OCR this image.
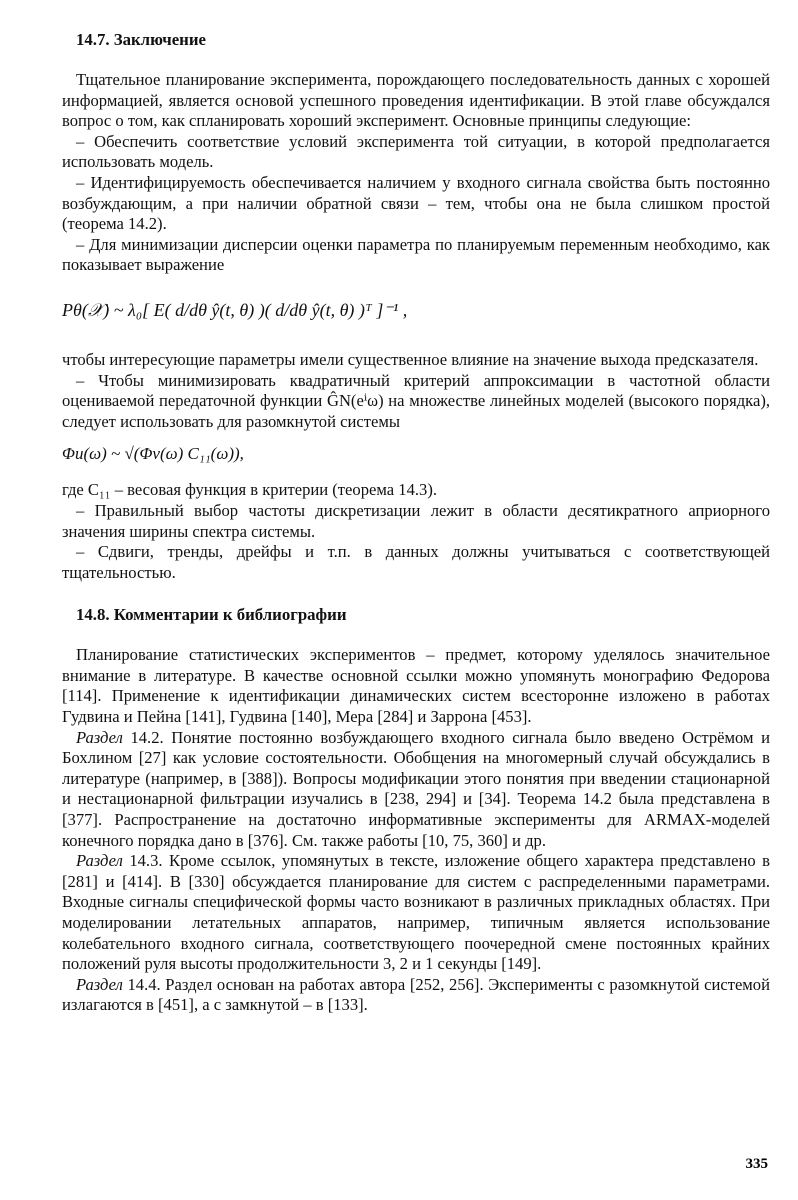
14.7. Заключение

Тщательное планирование эксперимента, порождающего последовательность данных с хорошей информацией, является основой успешного проведения идентификации. В этой главе обсуждался вопрос о том, как спланировать хороший эксперимент. Основные принципы следующие:

– Обеспечить соответствие условий эксперимента той ситуации, в которой предполагается использовать модель.

– Идентифицируемость обеспечивается наличием у входного сигнала свойства быть постоянно возбуждающим, а при наличии обратной связи – тем, чтобы она не была слишком простой (теорема 14.2).

– Для минимизации дисперсии оценки параметра по планируемым переменным необходимо, как показывает выражение

Pθ(𝒳) ~ λ₀[ E( d/dθ ŷ(t, θ) )( d/dθ ŷ(t, θ) )ᵀ ]⁻¹ ,

чтобы интересующие параметры имели существенное влияние на значение выхода предсказателя.

– Чтобы минимизировать квадратичный критерий аппроксимации в частотной области оцениваемой передаточной функции ĜN(eⁱω) на множестве линейных моделей (высокого порядка), следует использовать для разомкнутой системы

Φu(ω) ~ √(Φv(ω) C₁₁(ω)),

где C₁₁ – весовая функция в критерии (теорема 14.3).

– Правильный выбор частоты дискретизации лежит в области десятикратного априорного значения ширины спектра системы.

– Сдвиги, тренды, дрейфы и т.п. в данных должны учитываться с соответствующей тщательностью.

14.8. Комментарии к библиографии

Планирование статистических экспериментов – предмет, которому уделялось значительное внимание в литературе. В качестве основной ссылки можно упомянуть монографию Федорова [114]. Применение к идентификации динамических систем всесторонне изложено в работах Гудвина и Пейна [141], Гудвина [140], Мера [284] и Заррона [453].

Раздел 14.2. Понятие постоянно возбуждающего входного сигнала было введено Острёмом и Бохлином [27] как условие состоятельности. Обобщения на многомерный случай обсуждались в литературе (например, в [388]). Вопросы модификации этого понятия при введении стационарной и нестационарной фильтрации изучались в [238, 294] и [34]. Теорема 14.2 была представлена в [377]. Распространение на достаточно информативные эксперименты для ARMAX-моделей конечного порядка дано в [376]. См. также работы [10, 75, 360] и др.

Раздел 14.3. Кроме ссылок, упомянутых в тексте, изложение общего характера представлено в [281] и [414]. В [330] обсуждается планирование для систем с распределенными параметрами. Входные сигналы специфической формы часто возникают в различных прикладных областях. При моделировании летательных аппаратов, например, типичным является использование колебательного входного сигнала, соответствующего поочередной смене постоянных крайних положений руля высоты продолжительности 3, 2 и 1 секунды [149].

Раздел 14.4. Раздел основан на работах автора [252, 256]. Эксперименты с разомкнутой системой излагаются в [451], а с замкнутой – в [133].

335
